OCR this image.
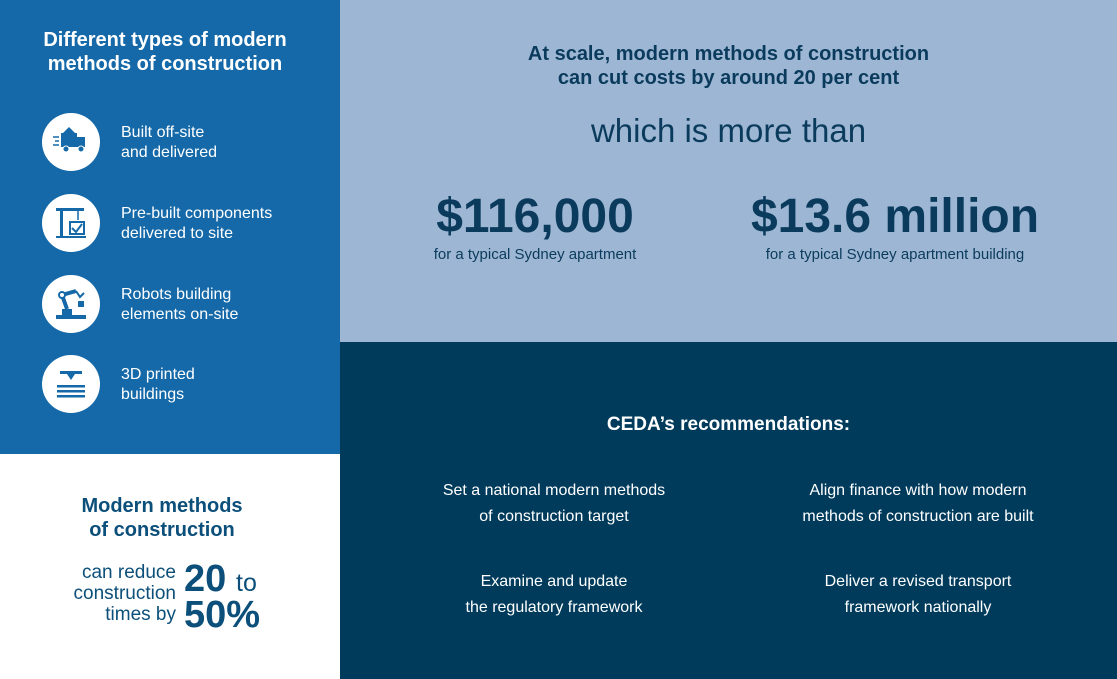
Different types of modern
methods of construction
Built off-site
and delivered
Pre-built components
delivered to site
Robots building
elements on-site
3D printed
buildings
Modern methods
of construction
can reduce
construction
times by
20 to
50%
At scale, modern methods of construction
can cut costs by around 20 per cent
which is more than
$116,000
for a typical Sydney apartment
$13.6 million
for a typical Sydney apartment building
CEDA’s recommendations:
Set a national modern methods
of construction target
Align finance with how modern
methods of construction are built
Examine and update
the regulatory framework
Deliver a revised transport
framework nationally
